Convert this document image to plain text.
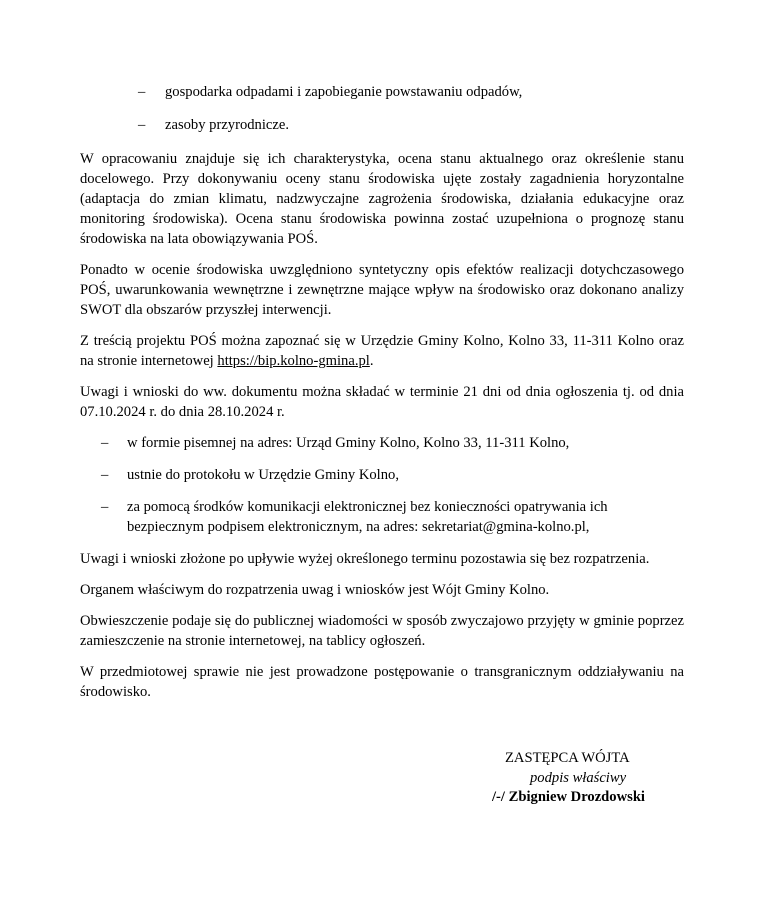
– gospodarka odpadami i zapobieganie powstawaniu odpadów,
– zasoby przyrodnicze.

W opracowaniu znajduje się ich charakterystyka, ocena stanu aktualnego oraz określenie stanu docelowego. Przy dokonywaniu oceny stanu środowiska ujęte zostały zagadnienia horyzontalne (adaptacja do zmian klimatu, nadzwyczajne zagrożenia środowiska, działania edukacyjne oraz monitoring środowiska). Ocena stanu środowiska powinna zostać uzupełniona o prognozę stanu środowiska na lata obowiązywania POŚ.

Ponadto w ocenie środowiska uwzględniono syntetyczny opis efektów realizacji dotychczasowego POŚ, uwarunkowania wewnętrzne i zewnętrzne mające wpływ na środowisko oraz dokonano analizy SWOT dla obszarów przyszłej interwencji.

Z treścią projektu POŚ można zapoznać się w Urzędzie Gminy Kolno, Kolno 33, 11-311 Kolno oraz na stronie internetowej https://bip.kolno-gmina.pl.

Uwagi i wnioski do ww. dokumentu można składać w terminie 21 dni od dnia ogłoszenia tj. od dnia 07.10.2024 r. do dnia 28.10.2024 r.

– w formie pisemnej na adres: Urząd Gminy Kolno, Kolno 33, 11-311 Kolno,
– ustnie do protokołu w Urzędzie Gminy Kolno,
– za pomocą środków komunikacji elektronicznej bez konieczności opatrywania ich bezpiecznym podpisem elektronicznym, na adres: sekretariat@gmina-kolno.pl,

Uwagi i wnioski złożone po upływie wyżej określonego terminu pozostawia się bez rozpatrzenia.

Organem właściwym do rozpatrzenia uwag i wniosków jest Wójt Gminy Kolno.

Obwieszczenie podaje się do publicznej wiadomości w sposób zwyczajowo przyjęty w gminie poprzez zamieszczenie na stronie internetowej, na tablicy ogłoszeń.

W przedmiotowej sprawie nie jest prowadzone postępowanie o transgranicznym oddziaływaniu na środowisko.

ZASTĘPCA WÓJTA
podpis właściwy
/-/ Zbigniew Drozdowski
